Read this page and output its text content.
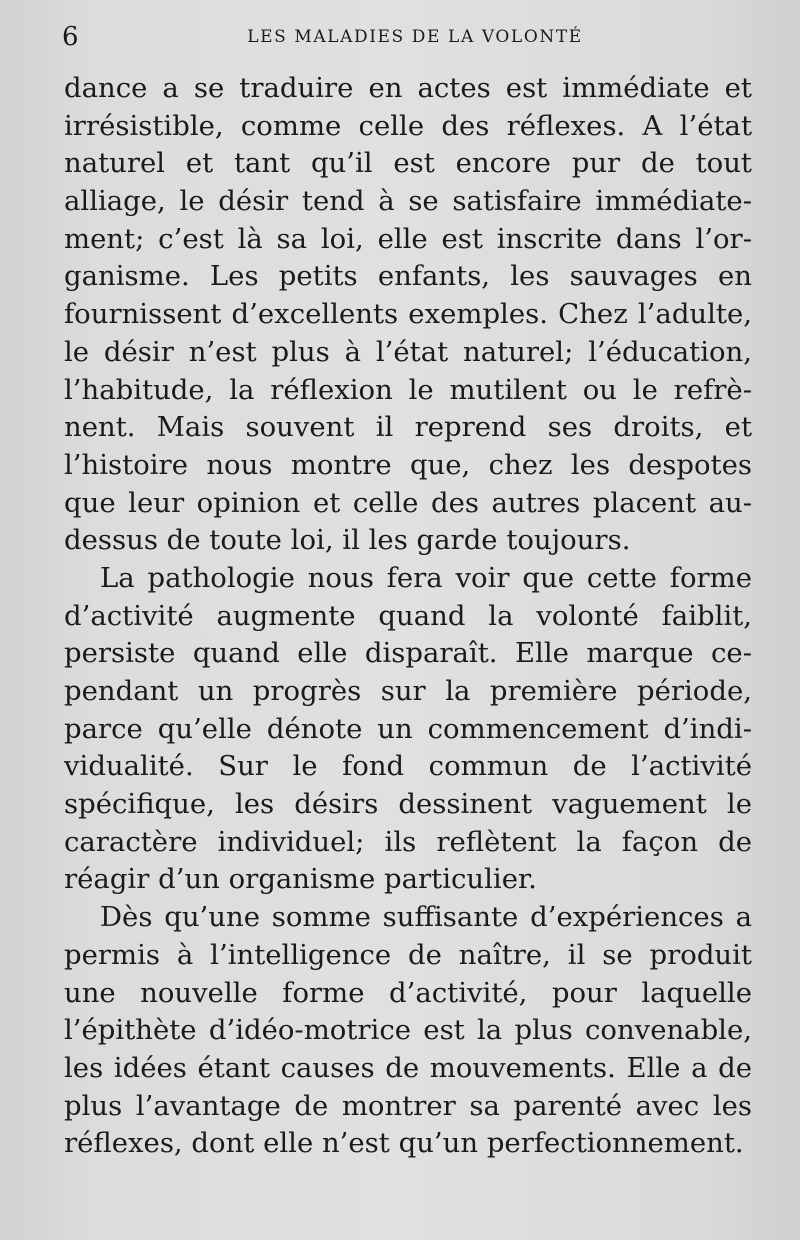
6	LES MALADIES DE LA VOLONTÉ
dance a se traduire en actes est immédiate et
irrésistible, comme celle des réflexes. A l’état
naturel et tant qu’il est encore pur de tout
alliage, le désir tend à se satisfaire immédiate-
ment; c’est là sa loi, elle est inscrite dans l’or-
ganisme. Les petits enfants, les sauvages en
fournissent d’excellents exemples. Chez l’adulte,
le désir n’est plus à l’état naturel; l’éducation,
l’habitude, la réflexion le mutilent ou le refrè-
nent. Mais souvent il reprend ses droits, et
l’histoire nous montre que, chez les despotes
que leur opinion et celle des autres placent au-
dessus de toute loi, il les garde toujours.
La pathologie nous fera voir que cette forme
d’activité augmente quand la volonté faiblit,
persiste quand elle disparaît. Elle marque ce-
pendant un progrès sur la première période,
parce qu’elle dénote un commencement d’indi-
vidualité. Sur le fond commun de l’activité
spécifique, les désirs dessinent vaguement le
caractère individuel; ils reflètent la façon de
réagir d’un organisme particulier.
Dès qu’une somme suffisante d’expériences a
permis à l’intelligence de naître, il se produit
une nouvelle forme d’activité, pour laquelle
l’épithète d’idéo-motrice est la plus convenable,
les idées étant causes de mouvements. Elle a de
plus l’avantage de montrer sa parenté avec les
réflexes, dont elle n’est qu’un perfectionnement.
